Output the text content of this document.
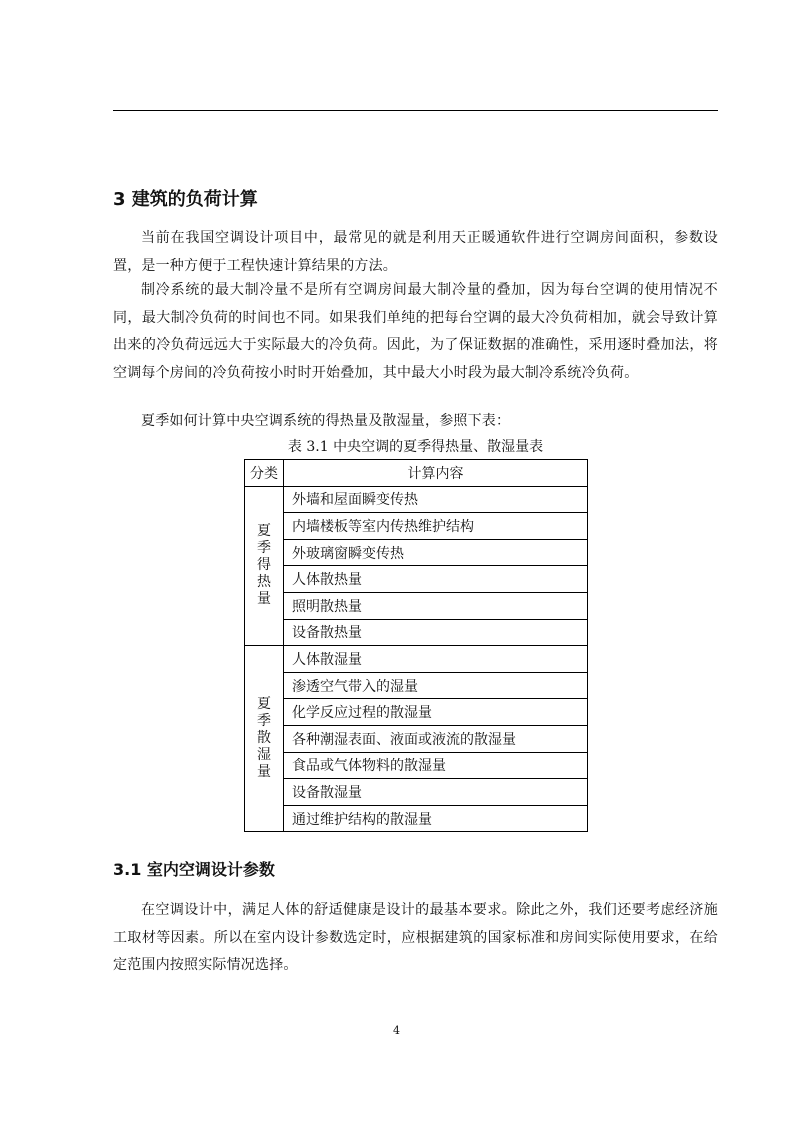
3 建筑的负荷计算

当前在我国空调设计项目中，最常见的就是利用天正暖通软件进行空调房间面积，参数设置，是一种方便于工程快速计算结果的方法。

制冷系统的最大制冷量不是所有空调房间最大制冷量的叠加，因为每台空调的使用情况不同，最大制冷负荷的时间也不同。如果我们单纯的把每台空调的最大冷负荷相加，就会导致计算出来的冷负荷远远大于实际最大的冷负荷。因此，为了保证数据的准确性，采用逐时叠加法，将空调每个房间的冷负荷按小时时开始叠加，其中最大小时段为最大制冷系统冷负荷。

夏季如何计算中央空调系统的得热量及散湿量，参照下表：

表 3.1 中央空调的夏季得热量、散湿量表
分类	计算内容
夏季得热量	外墙和屋面瞬变传热
	内墙楼板等室内传热维护结构
	外玻璃窗瞬变传热
	人体散热量
	照明散热量
	设备散热量
夏季散湿量	人体散湿量
	渗透空气带入的湿量
	化学反应过程的散湿量
	各种潮湿表面、液面或液流的散湿量
	食品或气体物料的散湿量
	设备散湿量
	通过维护结构的散湿量
3.1 室内空调设计参数

在空调设计中，满足人体的舒适健康是设计的最基本要求。除此之外，我们还要考虑经济施工取材等因素。所以在室内设计参数选定时，应根据建筑的国家标准和房间实际使用要求，在给定范围内按照实际情况选择。

4
